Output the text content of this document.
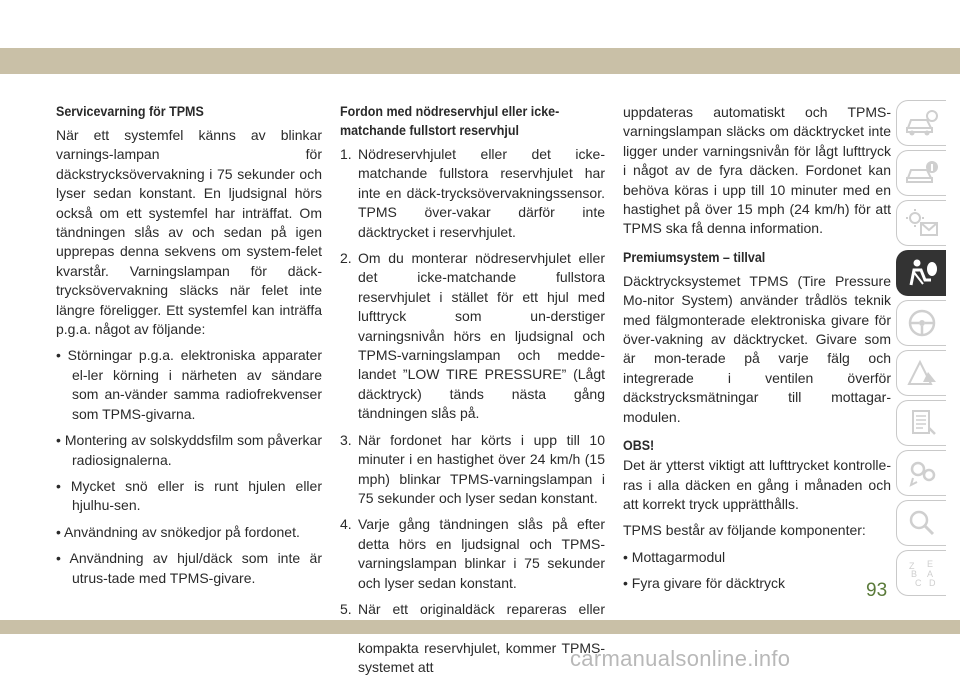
Servicevarning för TPMS
När ett systemfel känns av blinkar varnings-lampan för däckstrycksövervakning i 75 sekunder och lyser sedan konstant. En ljudsignal hörs också om ett systemfel har inträffat. Om tändningen slås av och sedan på igen upprepas denna sekvens om system-felet kvarstår. Varningslampan för däck-trycksövervakning släcks när felet inte längre föreligger. Ett systemfel kan inträffa p.g.a. något av följande:
• Störningar p.g.a. elektroniska apparater el-ler körning i närheten av sändare som an-vänder samma radiofrekvenser som TPMS-givarna.
• Montering av solskyddsfilm som påverkar radiosignalerna.
• Mycket snö eller is runt hjulen eller hjulhu-sen.
• Användning av snökedjor på fordonet.
• Användning av hjul/däck som inte är utrus-tade med TPMS-givare.
Fordon med nödreservhjul eller icke-
matchande fullstort reservhjul
1. Nödreservhjulet eller det icke-matchande fullstora reservhjulet har inte en däck-trycksövervakningssensor. TPMS över-vakar därför inte däcktrycket i reservhjulet.
2. Om du monterar nödreservhjulet eller det icke-matchande fullstora reservhjulet i stället för ett hjul med lufttryck som un-derstiger varningsnivån hörs en ljudsignal och TPMS-varningslampan och medde-landet ”LOW TIRE PRESSURE” (Lågt däcktryck) tänds nästa gång tändningen slås på.
3. När fordonet har körts i upp till 10 minuter i en hastighet över 24 km/h (15 mph) blinkar TPMS-varningslampan i 75 sekunder och lyser sedan konstant.
4. Varje gång tändningen slås på efter detta hörs en ljudsignal och TPMS-varningslampan blinkar i 75 sekunder och lyser sedan konstant.
5. När ett originaldäck repareras eller kompakta reservhjulet, kommer TPMS-systemet att
uppdateras automatiskt och TPMS-varningslampan släcks om däcktrycket inte ligger under varningsnivån för lågt lufttryck i något av de fyra däcken. Fordonet kan behöva köras i upp till 10 minuter med en hastighet på över 15 mph (24 km/h) för att TPMS ska få denna information.
Premiumsystem – tillval
Däcktrycksystemet TPMS (Tire Pressure Mo-nitor System) använder trådlös teknik med fälgmonterade elektroniska givare för över-vakning av däcktrycket. Givare som är mon-terade på varje fälg och integrerade i ventilen överför däckstrycksmätningar till mottagar-modulen.
OBS!
Det är ytterst viktigt att lufttrycket kontrolle-ras i alla däcken en gång i månaden och att korrekt tryck upprätthålls.
TPMS består av följande komponenter:
• Mottagarmodul
• Fyra givare för däcktryck
Z E
B A
C D
93
carmanualsonline.info
